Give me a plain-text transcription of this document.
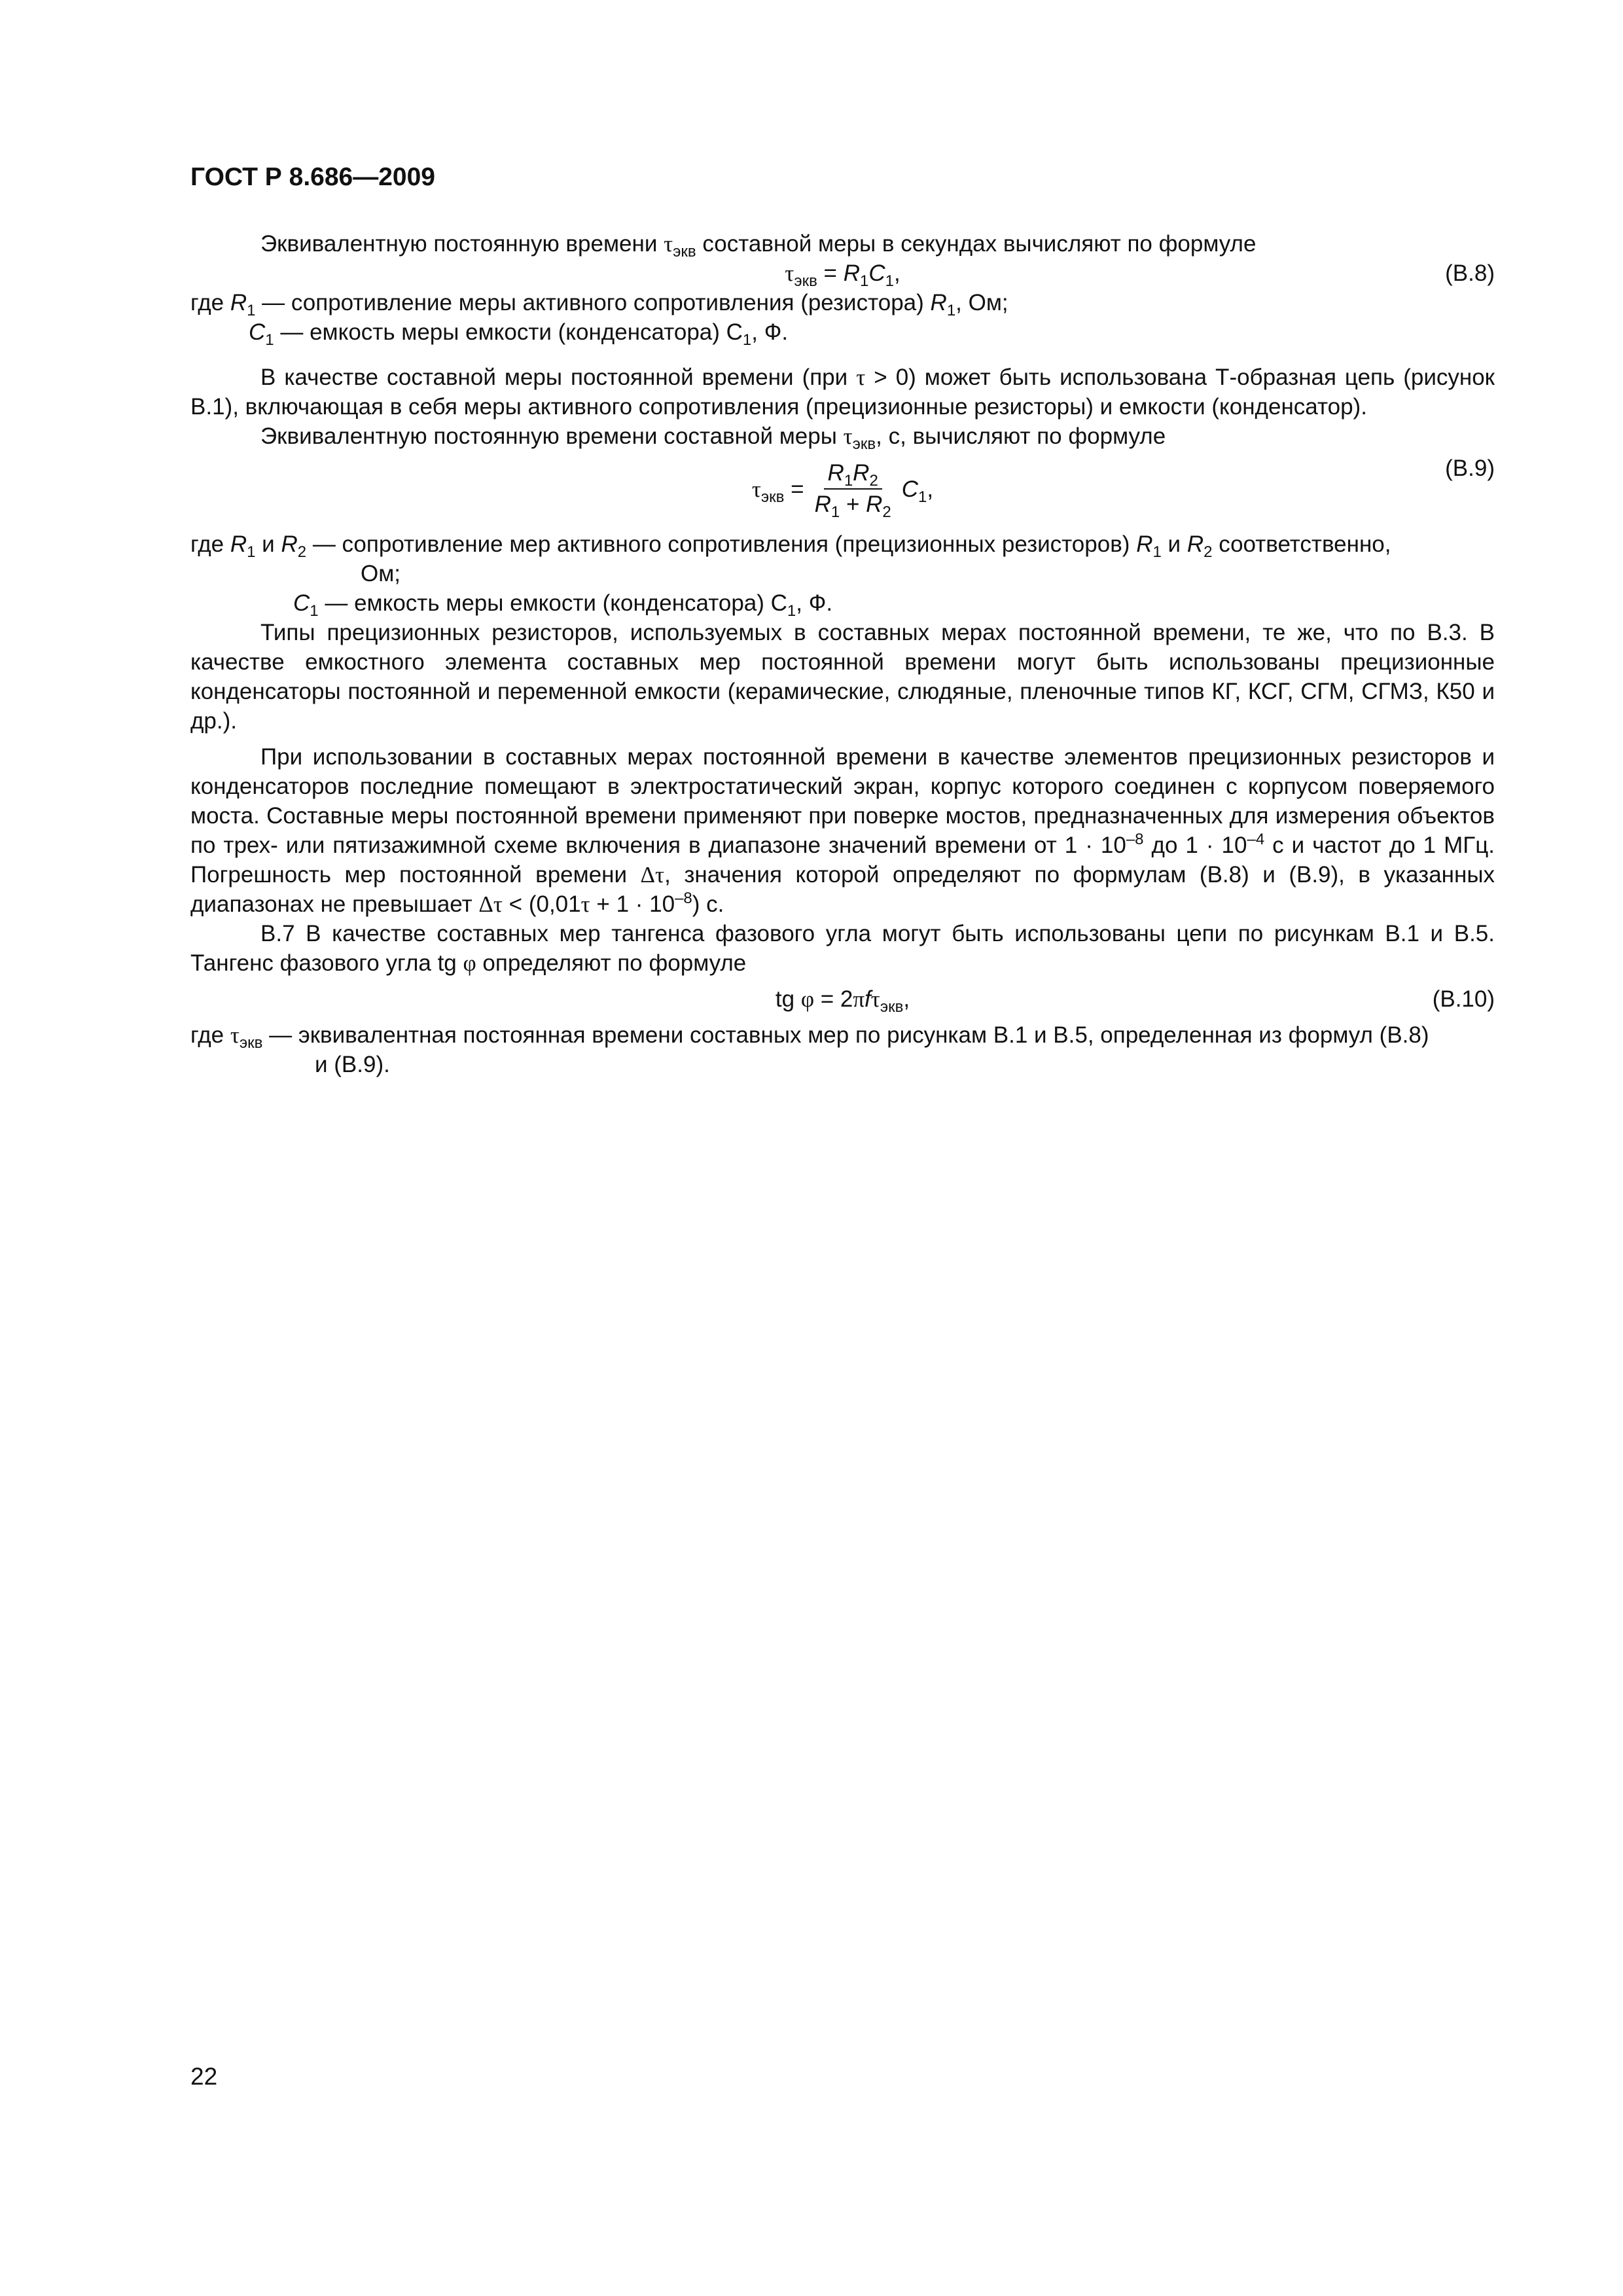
ГОСТ Р 8.686—2009

Эквивалентную постоянную времени $\tau_{экв}$ составной меры в секундах вычисляют по формуле

$\tau_{экв} = R_1C_1$,	(В.8)

где $R_1$ — сопротивление меры активного сопротивления (резистора) $R_1$, Ом;

$C_1$ — емкость меры емкости (конденсатора) $С_1$, Ф.

В качестве составной меры постоянной времени (при τ > 0) может быть использована Т-образная цепь (рисунок В.1), включающая в себя меры активного сопротивления (прецизионные резисторы) и емкости (конденсатор).

Эквивалентную постоянную времени составной меры $\tau_{экв}$, с, вычисляют по формуле

$\tau_{экв} = \frac{R_1R_2}{R_1 + R_2} C_1$,
(В.9)

где $R_1$ и $R_2$ — сопротивление мер активного сопротивления (прецизионных резисторов) $R_1$ и $R_2$ соответственно,

Ом;

$C_1$ — емкость меры емкости (конденсатора) $С_1$, Ф.

Типы прецизионных резисторов, используемых в составных мерах постоянной времени, те же, что по В.3. В качестве емкостного элемента составных мер постоянной времени могут быть использованы прецизионные конденсаторы постоянной и переменной емкости (керамические, слюдяные, пленочные типов КГ, КСГ, СГМ, СГМЗ, К50 и др.).

При использовании в составных мерах постоянной времени в качестве элементов прецизионных резисторов и конденсаторов последние помещают в электростатический экран, корпус которого соединен с корпусом поверяемого моста. Составные меры постоянной времени применяют при поверке мостов, предназначенных для измерения объектов по трех- или пятизажимной схеме включения в диапазоне значений времени от $1 \cdot 10^{-8}$ до $1 \cdot 10^{-4}$ с и частот до 1 МГц. Погрешность мер постоянной времени Δτ, значения которой определяют по формулам (В.8) и (В.9), в указанных диапазонах не превышает $\Delta\tau < (0,01\tau + 1 \cdot 10^{-8})$ с.

В.7 В качестве составных мер тангенса фазового угла могут быть использованы цепи по рисункам В.1 и В.5. Тангенс фазового угла tg φ определяют по формуле

tg φ = 2πfτ$_{экв}$,	(В.10)

где $\tau_{экв}$ — эквивалентная постоянная времени составных мер по рисункам В.1 и В.5, определенная из формул (В.8)

и (В.9).

22
